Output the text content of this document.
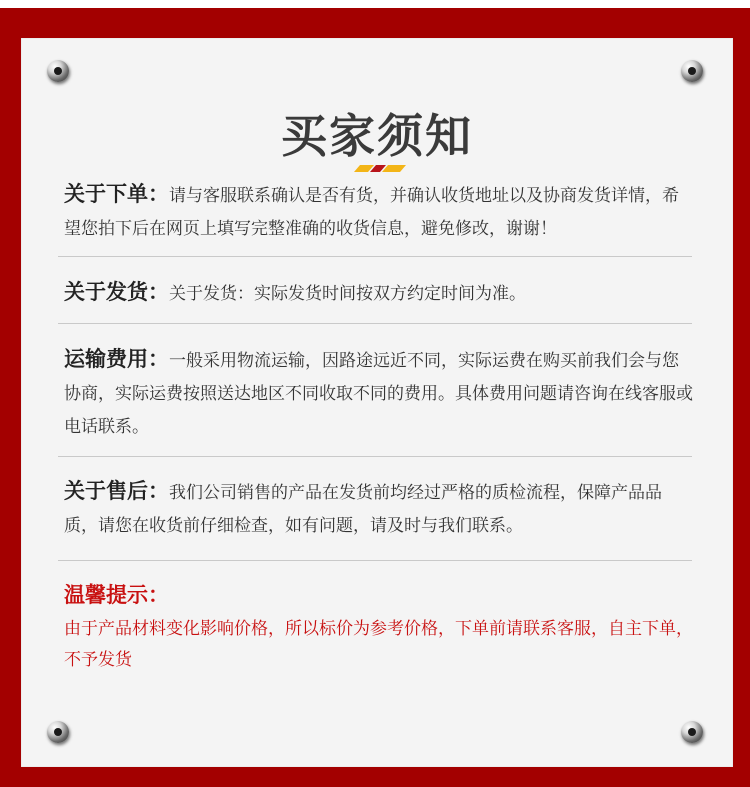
买家须知
关于下单：请与客服联系确认是否有货，并确认收货地址以及协商发货详情，希望您拍下后在网页上填写完整准确的收货信息，避免修改，谢谢！
关于发货：关于发货：实际发货时间按双方约定时间为准。
运输费用：一般采用物流运输，因路途远近不同，实际运费在购买前我们会与您协商，实际运费按照送达地区不同收取不同的费用。具体费用问题请咨询在线客服或电话联系。
关于售后：我们公司销售的产品在发货前均经过严格的质检流程，保障产品品质，请您在收货前仔细检查，如有问题，请及时与我们联系。
温馨提示：
由于产品材料变化影响价格，所以标价为参考价格，下单前请联系客服，自主下单，不予发货
